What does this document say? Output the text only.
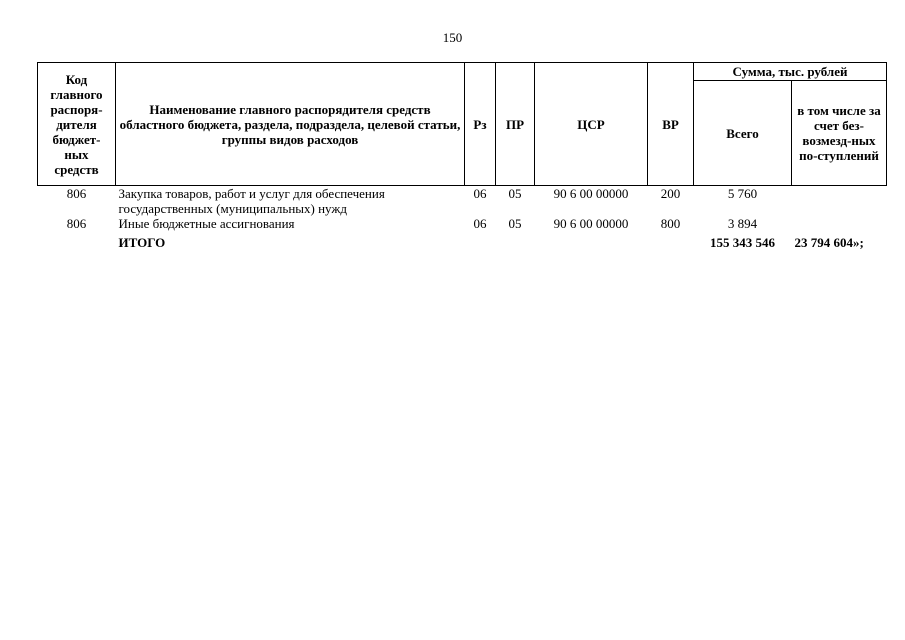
150
Код главного распоря-дителя бюджет-ных средств	Наименование главного распорядителя средств областного бюджета, раздела, подраздела, целевой статьи, группы видов расходов	Рз	ПР	ЦСР	ВР	Сумма, тыс. рублей	
						Всего	в том числе за счет без-возмезд-ных по-ступлений
806	Закупка товаров, работ и услуг для обеспечения государственных (муниципальных) нужд	06	05	90 6 00 00000	200	5 760	
806	Иные бюджетные ассигнования	06	05	90 6 00 00000	800	3 894	
	ИТОГО					155 343 546	23 794 604»;
